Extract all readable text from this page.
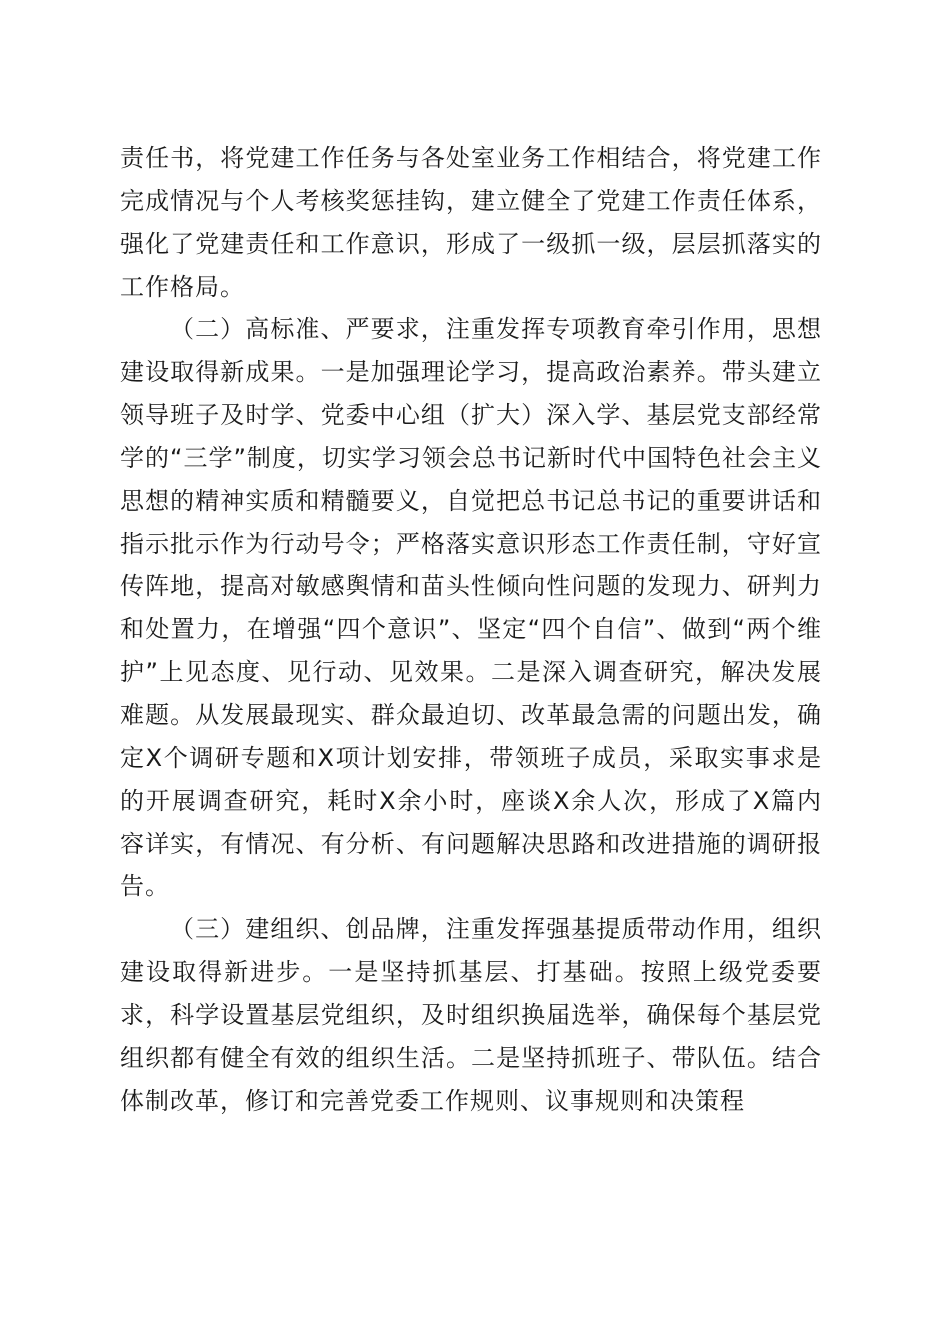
责任书，将党建工作任务与各处室业务工作相结合，将党建工作完成情况与个人考核奖惩挂钩，建立健全了党建工作责任体系，强化了党建责任和工作意识，形成了一级抓一级，层层抓落实的工作格局。

（二）高标准、严要求，注重发挥专项教育牵引作用，思想建设取得新成果。一是加强理论学习，提高政治素养。带头建立领导班子及时学、党委中心组（扩大）深入学、基层党支部经常学的“三学”制度，切实学习领会总书记新时代中国特色社会主义思想的精神实质和精髓要义，自觉把总书记总书记的重要讲话和指示批示作为行动号令；严格落实意识形态工作责任制，守好宣传阵地，提高对敏感舆情和苗头性倾向性问题的发现力、研判力和处置力，在增强“四个意识”、坚定“四个自信”、做到“两个维护”上见态度、见行动、见效果。二是深入调查研究，解决发展难题。从发展最现实、群众最迫切、改革最急需的问题出发，确定X个调研专题和X项计划安排，带领班子成员，采取实事求是的开展调查研究，耗时X余小时，座谈X余人次，形成了X篇内容详实，有情况、有分析、有问题解决思路和改进措施的调研报告。

（三）建组织、创品牌，注重发挥强基提质带动作用，组织建设取得新进步。一是坚持抓基层、打基础。按照上级党委要求，科学设置基层党组织，及时组织换届选举，确保每个基层党组织都有健全有效的组织生活。二是坚持抓班子、带队伍。结合体制改革，修订和完善党委工作规则、议事规则和决策程
